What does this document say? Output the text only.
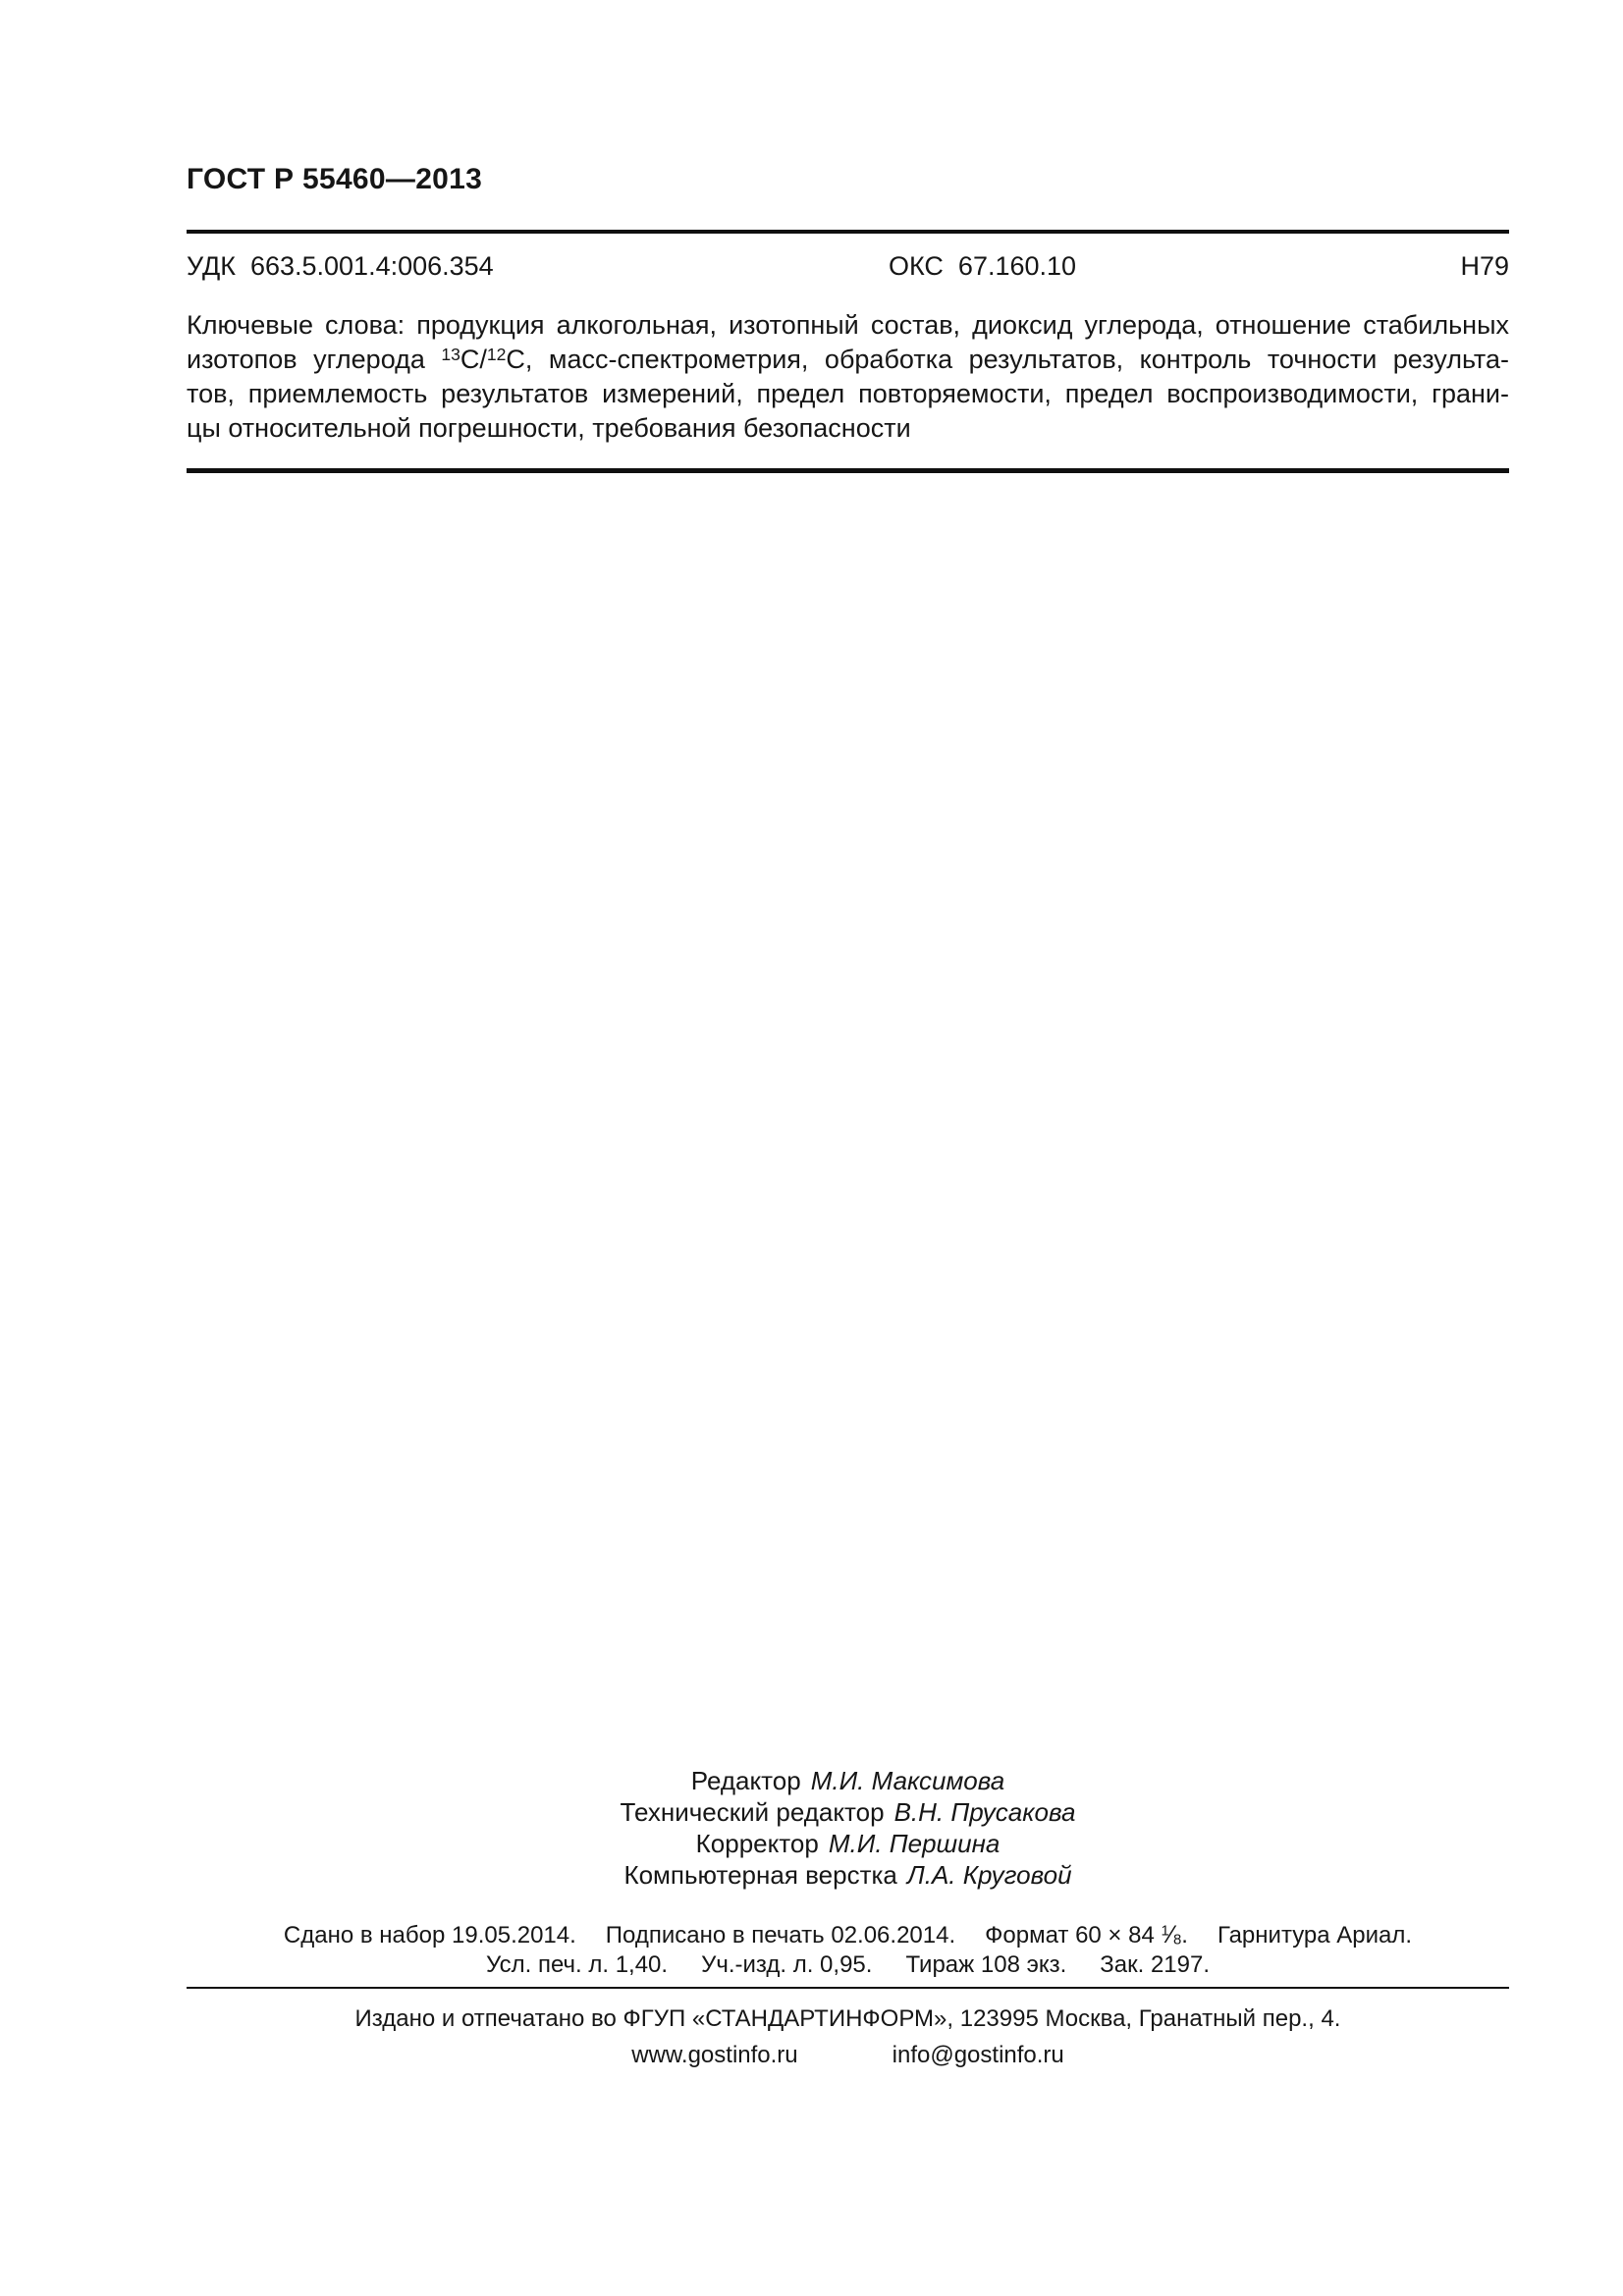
ГОСТ Р 55460—2013
УДК  663.5.001.4:006.354	ОКС  67.160.10	Н79
Ключевые слова: продукция алкогольная, изотопный состав, диоксид углерода, отношение стабильных
изотопов углерода $^{13}$С/$^{12}$С, масс-спектрометрия, обработка результатов, контроль точности результа-
тов, приемлемость результатов измерений, предел повторяемости, предел воспроизводимости, грани-
цы относительной погрешности, требования безопасности
Редактор М.И. Максимова
Технический редактор В.Н. Прусакова
Корректор М.И. Першина
Компьютерная верстка Л.А. Круговой
Сдано в набор 19.05.2014. Подписано в печать 02.06.2014. Формат 60 × 84 $^1⁄_8$. Гарнитура Ариал.
Усл. печ. л. 1,40. Уч.-изд. л. 0,95. Тираж 108 экз. Зак. 2197.
Издано и отпечатано во ФГУП «СТАНДАРТИНФОРМ», 123995 Москва, Гранатный пер., 4.
www.gostinfo.ru	info@gostinfo.ru
